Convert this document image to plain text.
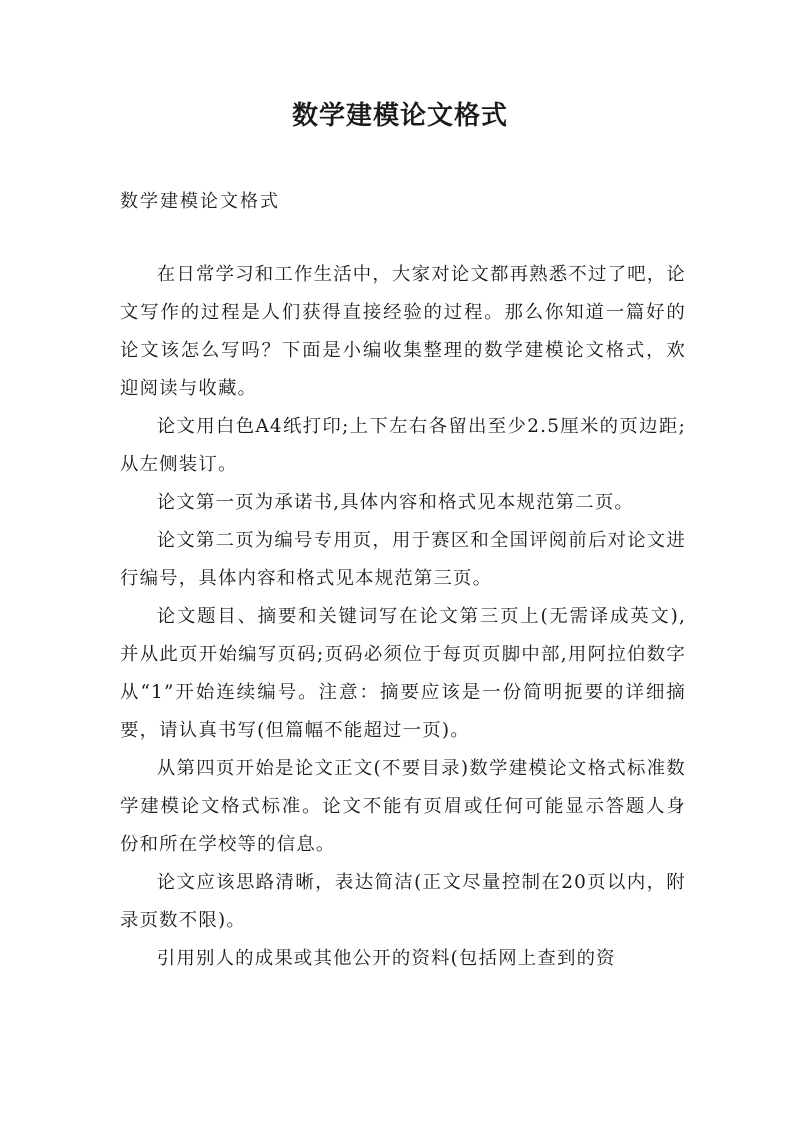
数学建模论文格式
数学建模论文格式

在日常学习和工作生活中，大家对论文都再熟悉不过了吧，论文写作的过程是人们获得直接经验的过程。那么你知道一篇好的论文该怎么写吗？下面是小编收集整理的数学建模论文格式，欢迎阅读与收藏。

论文用白色A4纸打印;上下左右各留出至少2.5厘米的页边距;从左侧装订。

论文第一页为承诺书,具体内容和格式见本规范第二页。

论文第二页为编号专用页，用于赛区和全国评阅前后对论文进行编号，具体内容和格式见本规范第三页。

论文题目、摘要和关键词写在论文第三页上(无需译成英文),并从此页开始编写页码;页码必须位于每页页脚中部,用阿拉伯数字从“1”开始连续编号。注意：摘要应该是一份简明扼要的详细摘要，请认真书写(但篇幅不能超过一页)。

从第四页开始是论文正文(不要目录)数学建模论文格式标准数学建模论文格式标准。论文不能有页眉或任何可能显示答题人身份和所在学校等的信息。

论文应该思路清晰，表达简洁(正文尽量控制在20页以内，附录页数不限)。

引用别人的成果或其他公开的资料(包括网上查到的资
